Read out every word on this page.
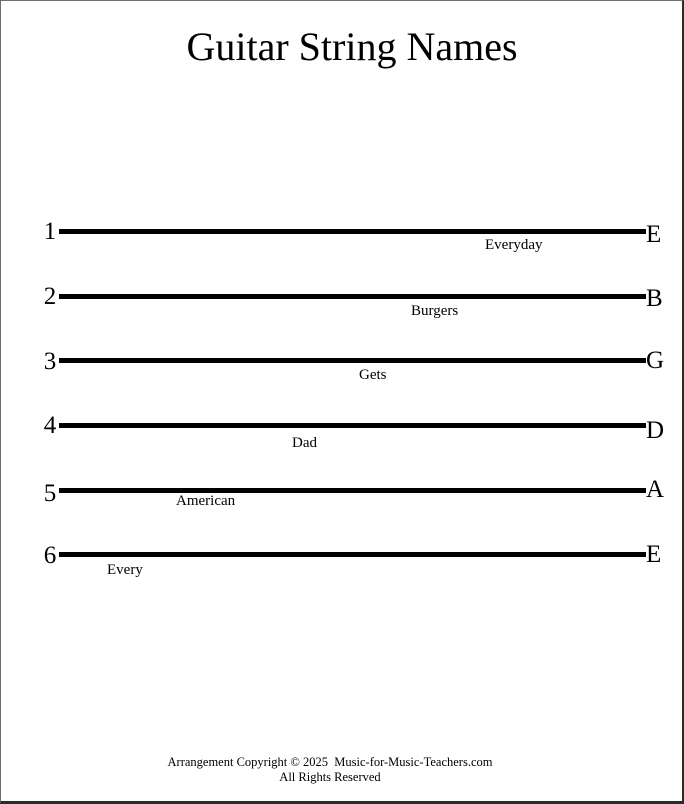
Guitar String Names
1	E
Everyday
2	B
Burgers
3	G
Gets
4	D
Dad
5	A
American
6	E
Every
Arrangement Copyright © 2025  Music-for-Music-Teachers.com
All Rights Reserved
